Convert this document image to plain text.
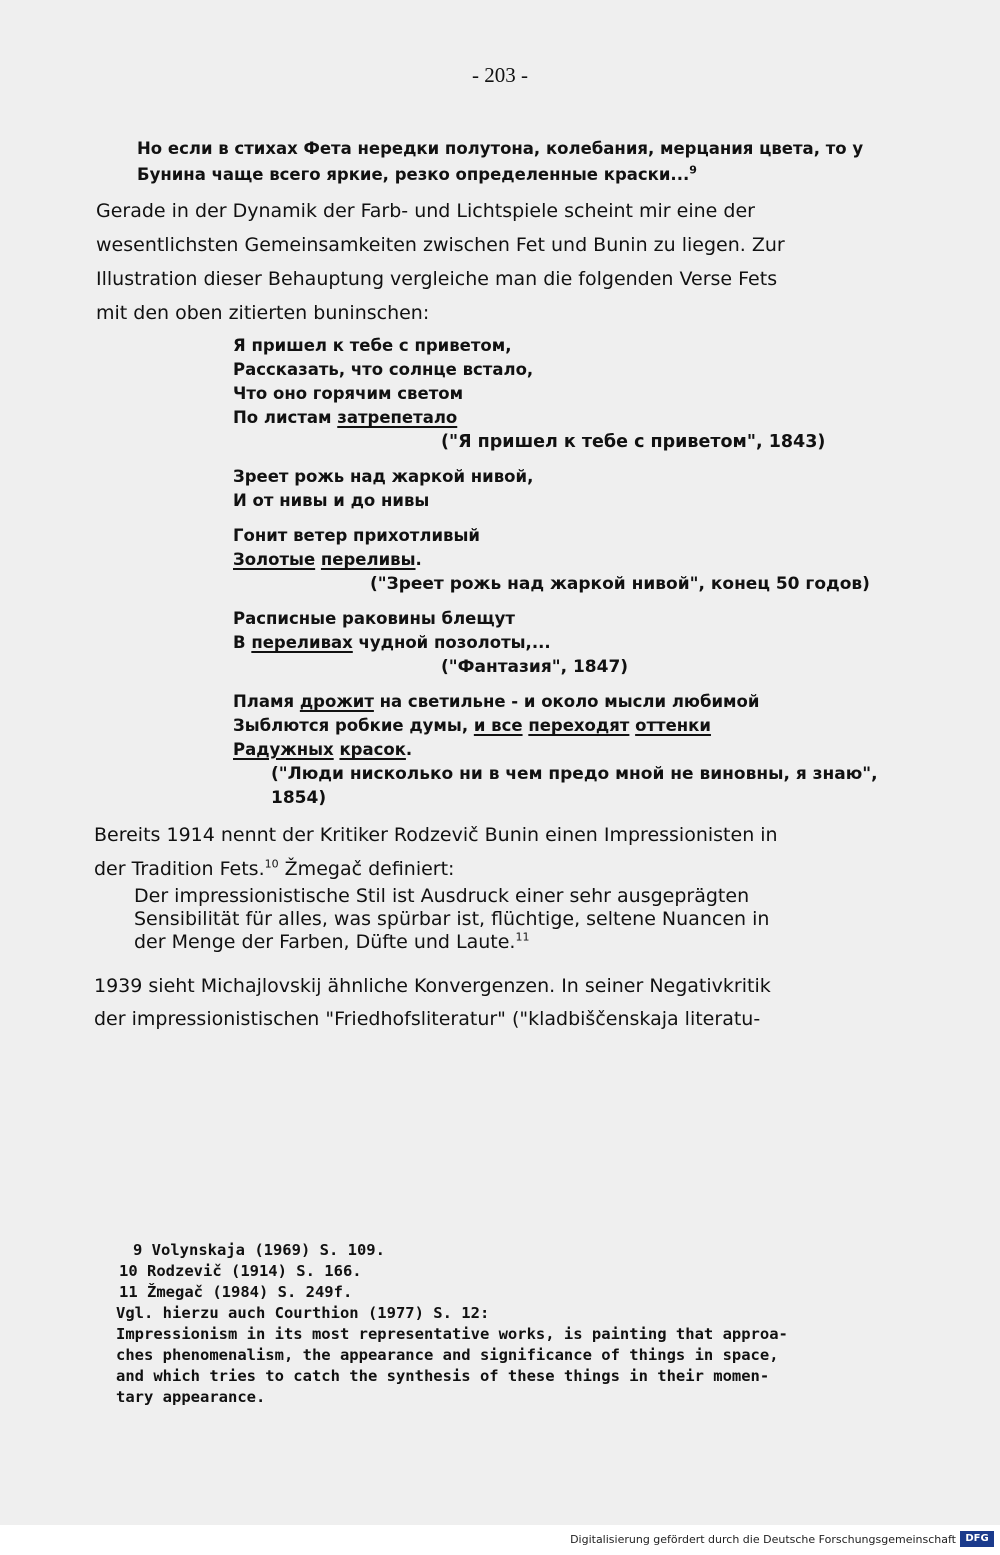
- 203 -
Но если в стихах Фета нередки полутона, колебания, мерцания цвета, то у
Бунина чаще всего яркие, резко определенные краски...$^9$
Gerade in der Dynamik der Farb- und Lichtspiele scheint mir eine der
wesentlichsten Gemeinsamkeiten zwischen Fet und Bunin zu liegen. Zur
Illustration dieser Behauptung vergleiche man die folgenden Verse Fets
mit den oben zitierten buninschen:
Я пришел к тебе с приветом,
Рассказать, что солнце встало,
Что оно горячим светом
По листам затрепетало
("Я пришел к тебе с приветом", 1843)
Зреет рожь над жаркой нивой,
И от нивы и до нивы
Гонит ветер прихотливый
Золотые переливы.
("Зреет рожь над жаркой нивой", конец 50 годов)
Расписные раковины блещут
В переливах чудной позолоты,...
("Фантазия", 1847)
Пламя дрожит на светильне - и около мысли любимой
Зыблются робкие думы, и все переходят оттенки
Радужных красок.
("Люди нисколько ни в чем предо мной не виновны, я знаю",
1854)
Bereits 1914 nennt der Kritiker Rodzevič Bunin einen Impressionisten in
der Tradition Fets.$^{10}$ Žmegač definiert:
Der impressionistische Stil ist Ausdruck einer sehr ausgeprägten
Sensibilität für alles, was spürbar ist, flüchtige, seltene Nuancen in
der Menge der Farben, Düfte und Laute.$^{11}$
1939 sieht Michajlovskij ähnliche Konvergenzen. In seiner Negativkritik
der impressionistischen "Friedhofsliteratur" ("kladbiščenskaja literatu-
9 Volynskaja (1969) S. 109.
10 Rodzevič (1914) S. 166.
11 Žmegač (1984) S. 249f.
Vgl. hierzu auch Courthion (1977) S. 12:
Impressionism in its most representative works, is painting that approa-
ches phenomenalism, the appearance and significance of things in space,
and which tries to catch the synthesis of these things in their momen-
tary appearance.
Digitalisierung gefördert durch die Deutsche Forschungsgemeinschaft DFG
